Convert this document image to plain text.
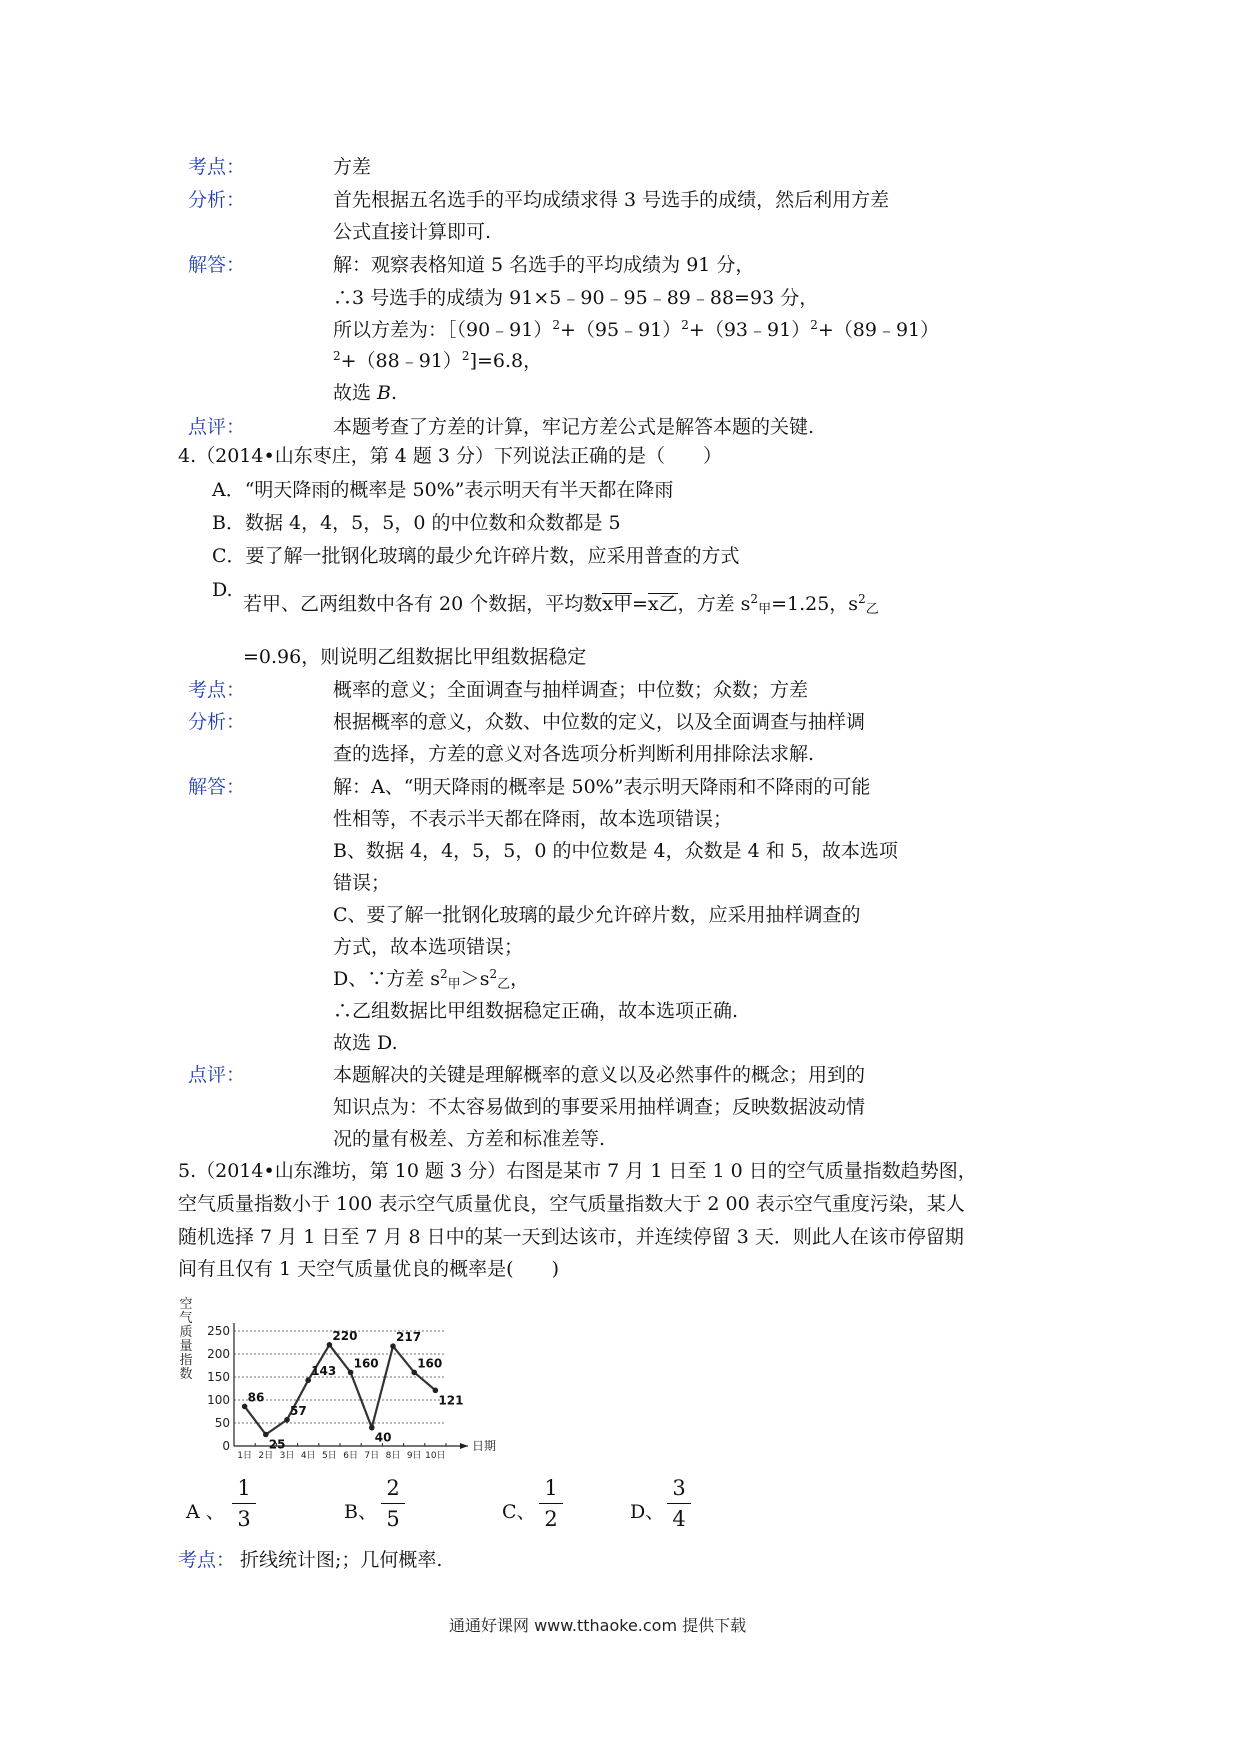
考点：	方差
分析：	首先根据五名选手的平均成绩求得 3 号选手的成绩，然后利用方差
公式直接计算即可.
解答：	解：观察表格知道 5 名选手的平均成绩为 91 分，
∴3 号选手的成绩为 91×5﹣90﹣95﹣89﹣88=93 分，
所以方差为：［（90﹣91）$^2$+（95﹣91）$^2$+（93﹣91）$^2$+（89﹣91）
$^2$+（88﹣91）$^2$]=6.8，
故选 B.
点评：	本题考查了方差的计算，牢记方差公式是解答本题的关键.
4.（2014•山东枣庄，第 4 题 3 分）下列说法正确的是（　　）
A．“明天降雨的概率是 50%”表示明天有半天都在降雨
B．数据 4，4，5，5，0 的中位数和众数都是 5
C．要了解一批钢化玻璃的最少允许碎片数，应采用普查的方式
D.
若甲、乙两组数中各有 20 个数据，平均数x甲=x乙，方差 $s^2_甲=1.25$，$s^2_乙$
=0.96，则说明乙组数据比甲组数据稳定
考点：	概率的意义；全面调查与抽样调查；中位数；众数；方差
分析：	根据概率的意义，众数、中位数的定义，以及全面调查与抽样调
查的选择，方差的意义对各选项分析判断利用排除法求解.
解答：	解：A、“明天降雨的概率是 50%”表示明天降雨和不降雨的可能
性相等，不表示半天都在降雨，故本选项错误；
B、数据 4，4，5，5，0 的中位数是 4，众数是 4 和 5，故本选项
错误；
C、要了解一批钢化玻璃的最少允许碎片数，应采用抽样调查的
方式，故本选项错误；
D、∵方差 $s^2_甲>s^2_乙$，
∴乙组数据比甲组数据稳定正确，故本选项正确.
故选 D.
点评：	本题解决的关键是理解概率的意义以及必然事件的概念；用到的
知识点为：不太容易做到的事要采用抽样调查；反映数据波动情
况的量有极差、方差和标准差等.
5.（2014•山东潍坊，第 10 题 3 分）右图是某市 7 月 1 日至 1 0 日的空气质量指数趋势图，
空气质量指数小于 100 表示空气质量优良，空气质量指数大于 2 00 表示空气重度污染，某人
随机选择 7 月 1 日至 7 月 8 日中的某一天到达该市，并连续停留 3 天．则此人在该市停留期
间有且仅有 1 天空气质量优良的概率是(　　)
空
气
质
量
指
数
日期
0
50
100
150
200
250
1日 2日 3日 4日 5日 6日 7日 8日 9日 10日
86
25
57
143
220
160
40
217
160
121
A 、
1
3	B、
2
5	C、
1
2	D、
3
4
考点： 折线统计图;；几何概率.
通通好课网 www.tthaoke.com 提供下载
